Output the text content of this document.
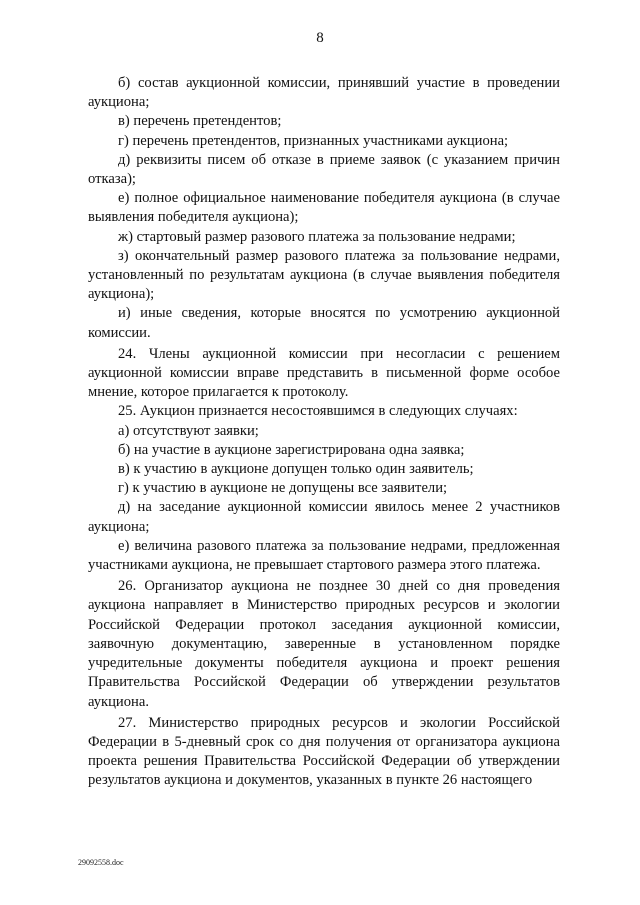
8

б) состав аукционной комиссии, принявший участие в проведении аукциона;

в) перечень претендентов;

г) перечень претендентов, признанных участниками аукциона;

д) реквизиты писем об отказе в приеме заявок (с указанием причин отказа);

е) полное официальное наименование победителя аукциона (в случае выявления победителя аукциона);

ж) стартовый размер разового платежа за пользование недрами;

з) окончательный размер разового платежа за пользование недрами, установленный по результатам аукциона (в случае выявления победителя аукциона);

и) иные сведения, которые вносятся по усмотрению аукционной комиссии.

24. Члены аукционной комиссии при несогласии с решением аукционной комиссии вправе представить в письменной форме особое мнение, которое прилагается к протоколу.

25. Аукцион признается несостоявшимся в следующих случаях:

а) отсутствуют заявки;

б) на участие в аукционе зарегистрирована одна заявка;

в) к участию в аукционе допущен только один заявитель;

г) к участию в аукционе не допущены все заявители;

д) на заседание аукционной комиссии явилось менее 2 участников аукциона;

е) величина разового платежа за пользование недрами, предложенная участниками аукциона, не превышает стартового размера этого платежа.

26. Организатор аукциона не позднее 30 дней со дня проведения аукциона направляет в Министерство природных ресурсов и экологии Российской Федерации протокол заседания аукционной комиссии, заявочную документацию, заверенные в установленном порядке учредительные документы победителя аукциона и проект решения Правительства Российской Федерации об утверждении результатов аукциона.

27. Министерство природных ресурсов и экологии Российской Федерации в 5-дневный срок со дня получения от организатора аукциона проекта решения Правительства Российской Федерации об утверждении результатов аукциона и документов, указанных в пункте 26 настоящего

29092558.doc
